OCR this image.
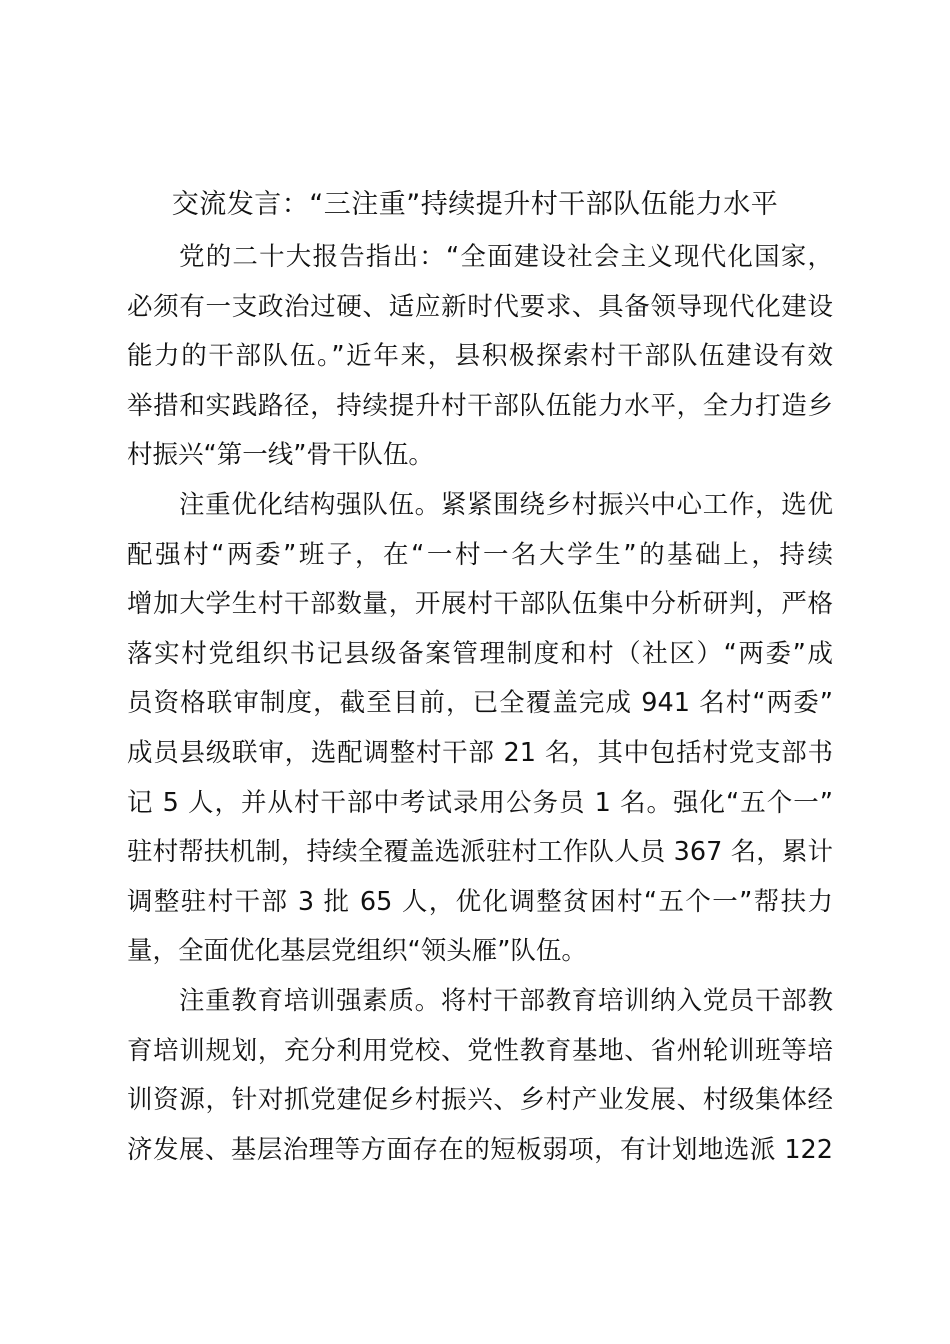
交流发言：“三注重”持续提升村干部队伍能力水平
党的二十大报告指出：“全面建设社会主义现代化国家，
必须有一支政治过硬、适应新时代要求、具备领导现代化建设
能力的干部队伍。”近年来，县积极探索村干部队伍建设有效
举措和实践路径，持续提升村干部队伍能力水平，全力打造乡
村振兴“第一线”骨干队伍。
注重优化结构强队伍。紧紧围绕乡村振兴中心工作，选优
配强村“两委”班子，在“一村一名大学生”的基础上，持续
增加大学生村干部数量，开展村干部队伍集中分析研判，严格
落实村党组织书记县级备案管理制度和村（社区）“两委”成
员资格联审制度，截至目前，已全覆盖完成 941 名村“两委”
成员县级联审，选配调整村干部 21 名，其中包括村党支部书
记 5 人，并从村干部中考试录用公务员 1 名。强化“五个一”
驻村帮扶机制，持续全覆盖选派驻村工作队人员 367 名，累计
调整驻村干部 3 批 65 人，优化调整贫困村“五个一”帮扶力
量，全面优化基层党组织“领头雁”队伍。
注重教育培训强素质。将村干部教育培训纳入党员干部教
育培训规划，充分利用党校、党性教育基地、省州轮训班等培
训资源，针对抓党建促乡村振兴、乡村产业发展、村级集体经
济发展、基层治理等方面存在的短板弱项，有计划地选派 122
